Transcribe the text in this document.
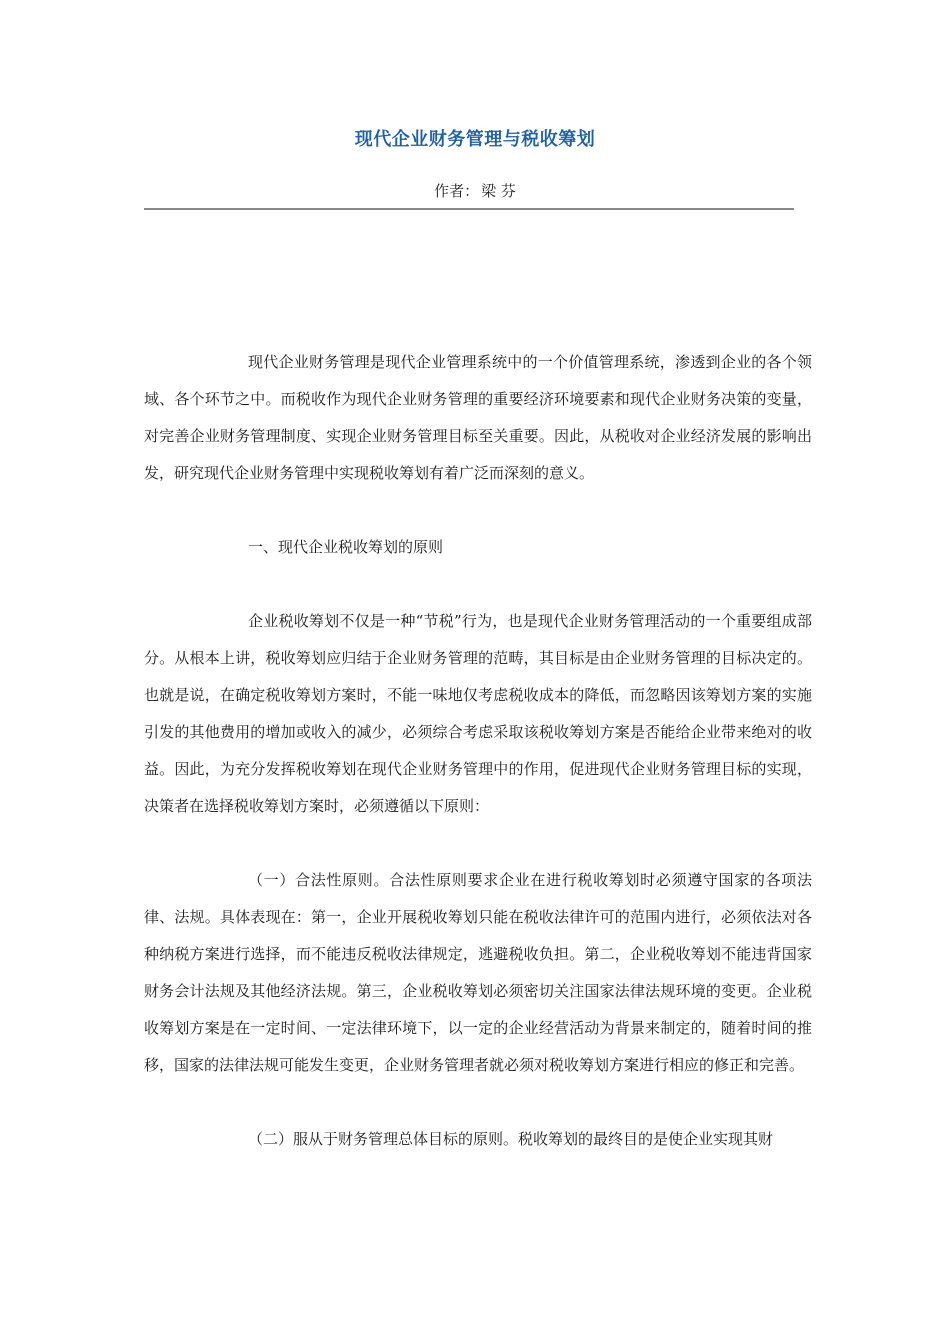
现代企业财务管理与税收筹划
作者： 梁 芬

现代企业财务管理是现代企业管理系统中的一个价值管理系统，渗透到企业的各个领域、各个环节之中。而税收作为现代企业财务管理的重要经济环境要素和现代企业财务决策的变量，对完善企业财务管理制度、实现企业财务管理目标至关重要。因此，从税收对企业经济发展的影响出发，研究现代企业财务管理中实现税收筹划有着广泛而深刻的意义。

一、现代企业税收筹划的原则

企业税收筹划不仅是一种“节税”行为，也是现代企业财务管理活动的一个重要组成部分。从根本上讲，税收筹划应归结于企业财务管理的范畴，其目标是由企业财务管理的目标决定的。也就是说，在确定税收筹划方案时，不能一味地仅考虑税收成本的降低，而忽略因该筹划方案的实施引发的其他费用的增加或收入的减少，必须综合考虑采取该税收筹划方案是否能给企业带来绝对的收益。因此，为充分发挥税收筹划在现代企业财务管理中的作用，促进现代企业财务管理目标的实现，决策者在选择税收筹划方案时，必须遵循以下原则：

（一）合法性原则。合法性原则要求企业在进行税收筹划时必须遵守国家的各项法律、法规。具体表现在：第一，企业开展税收筹划只能在税收法律许可的范围内进行，必须依法对各种纳税方案进行选择，而不能违反税收法律规定，逃避税收负担。第二，企业税收筹划不能违背国家财务会计法规及其他经济法规。第三，企业税收筹划必须密切关注国家法律法规环境的变更。企业税收筹划方案是在一定时间、一定法律环境下，以一定的企业经营活动为背景来制定的，随着时间的推移，国家的法律法规可能发生变更，企业财务管理者就必须对税收筹划方案进行相应的修正和完善。

（二）服从于财务管理总体目标的原则。税收筹划的最终目的是使企业实现其财
